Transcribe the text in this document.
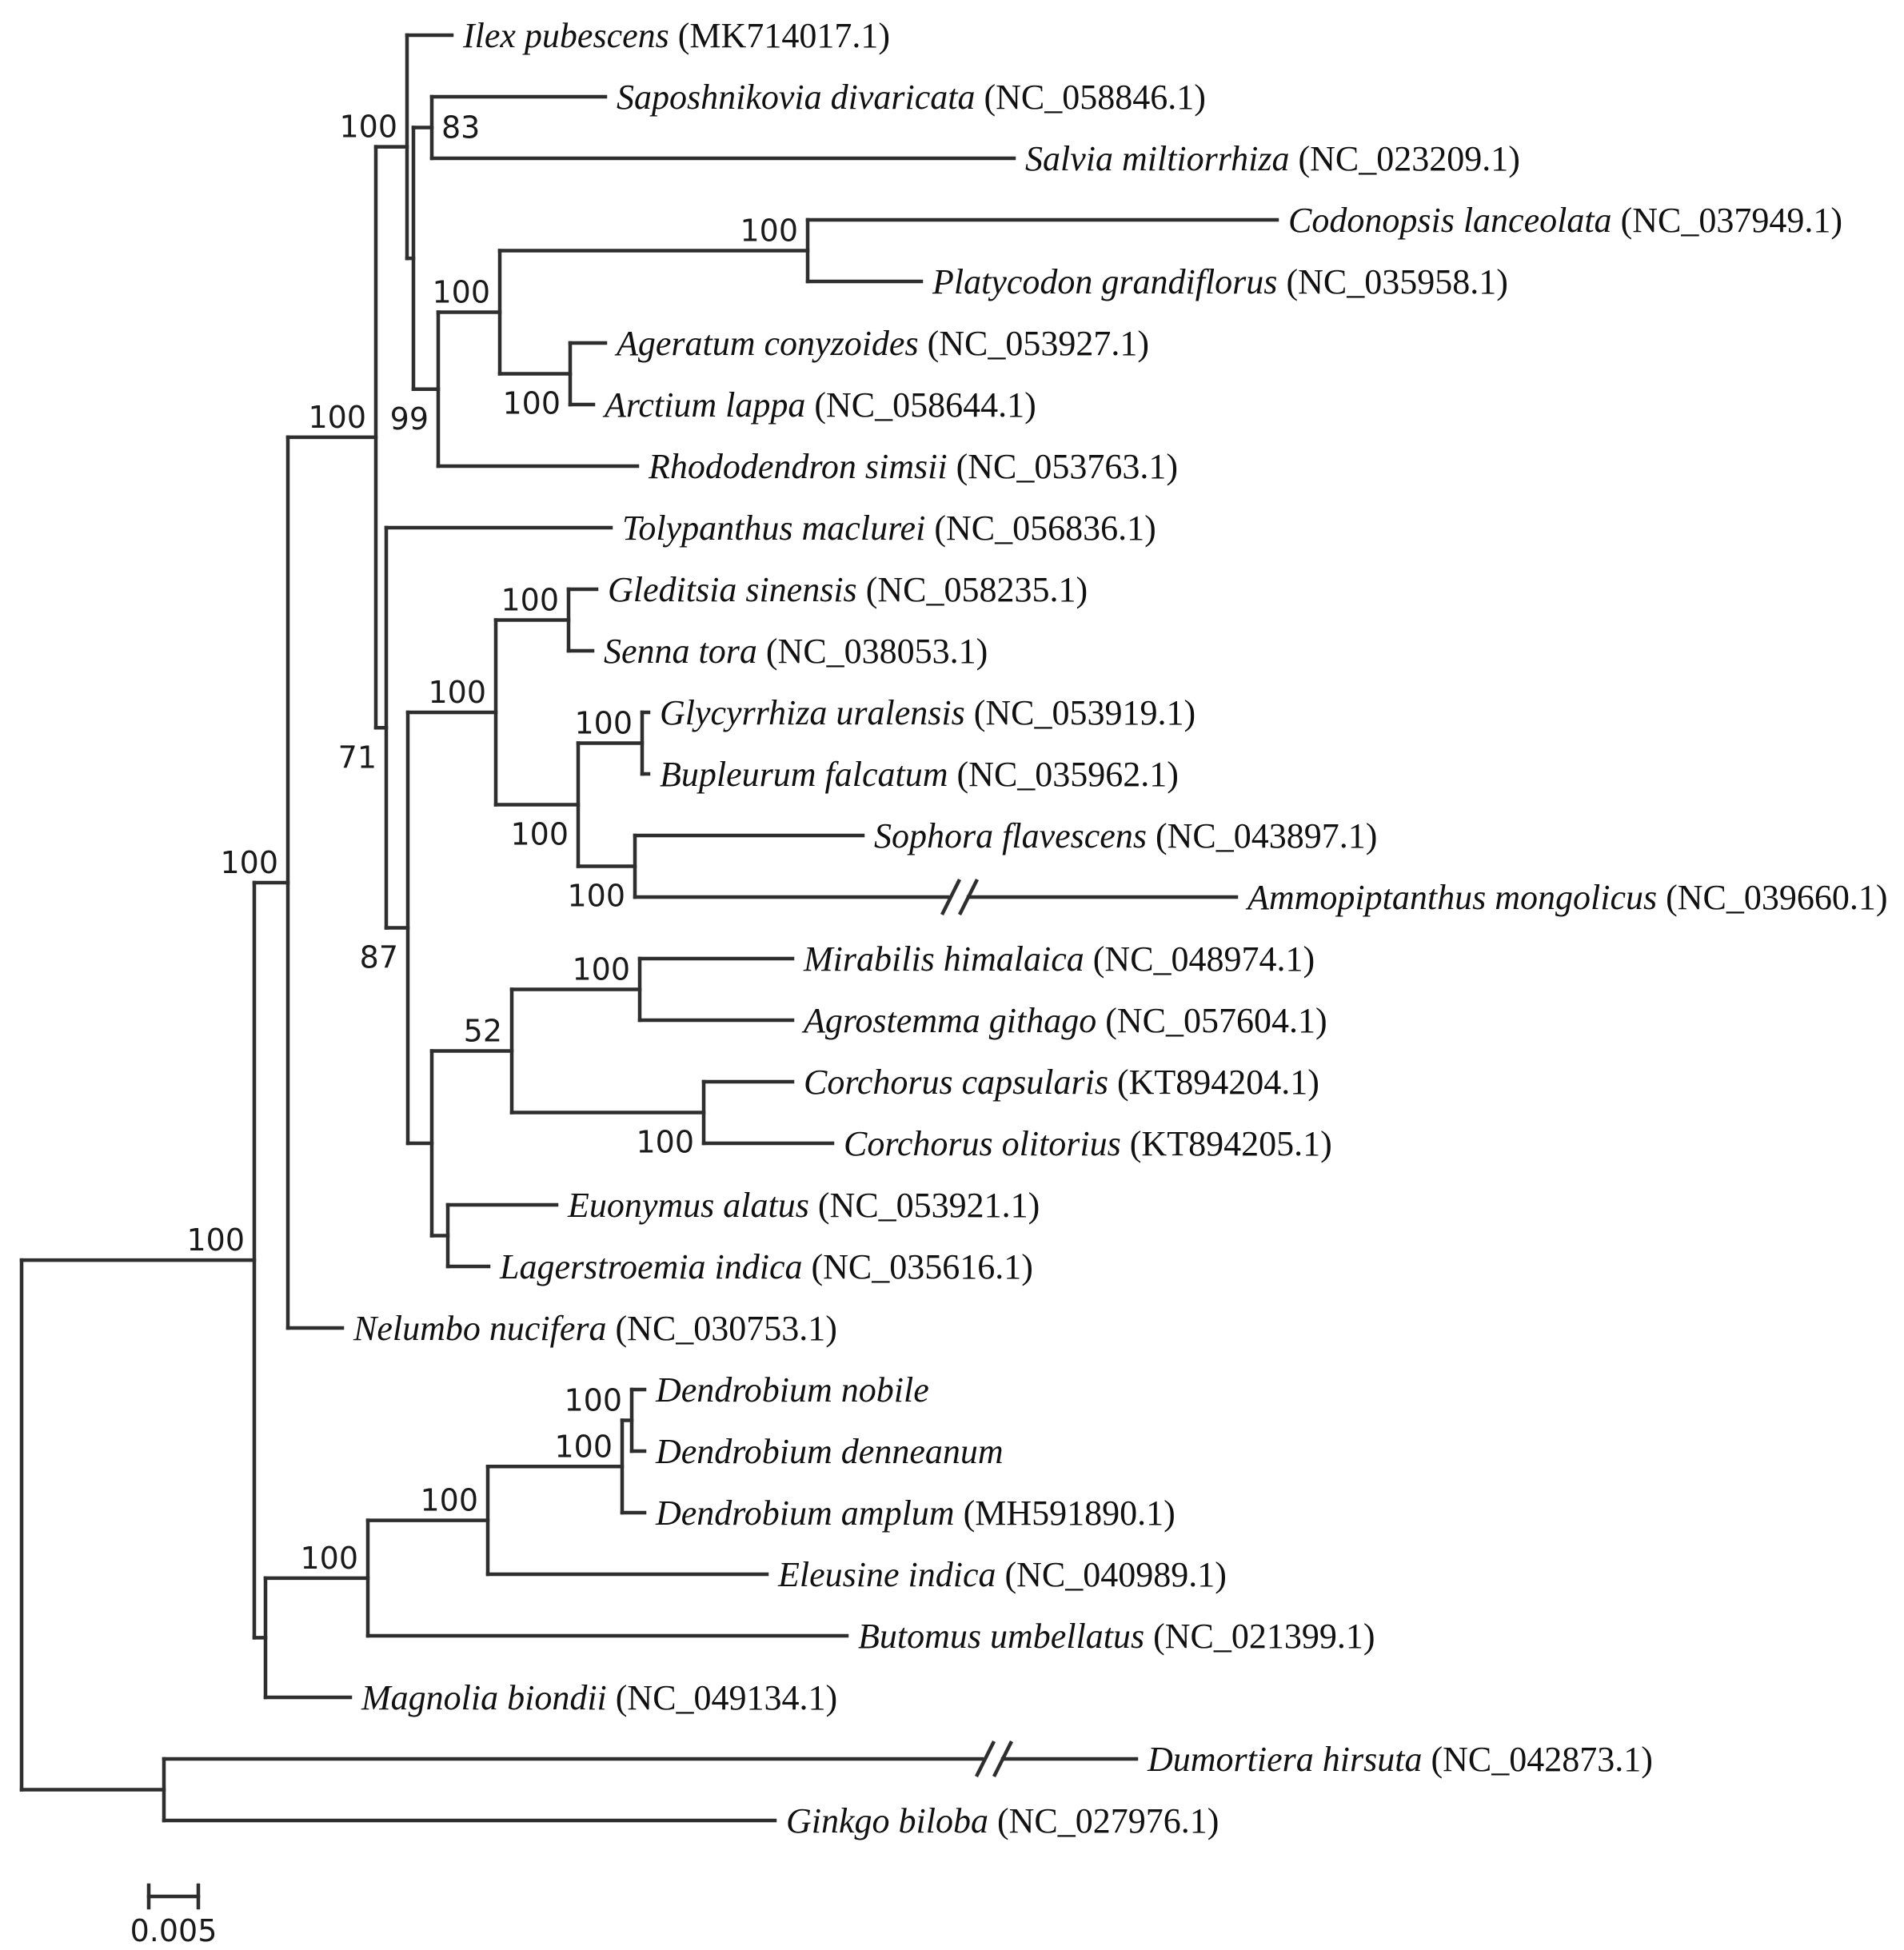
Ilex pubescens (MK714017.1)
Saposhnikovia divaricata (NC_058846.1)
Salvia miltiorrhiza (NC_023209.1)
83
Codonopsis lanceolata (NC_037949.1)
Platycodon grandiflorus (NC_035958.1)
100
Ageratum conyzoides (NC_053927.1)
Arctium lappa (NC_058644.1)
100
100
Rhododendron simsii (NC_053763.1)
99
100
Tolypanthus maclurei (NC_056836.1)
Gleditsia sinensis (NC_058235.1)
Senna tora (NC_038053.1)
100
Glycyrrhiza uralensis (NC_053919.1)
Bupleurum falcatum (NC_035962.1)
100
Sophora flavescens (NC_043897.1)
Ammopiptanthus mongolicus (NC_039660.1)
100
100
100
Mirabilis himalaica (NC_048974.1)
Agrostemma githago (NC_057604.1)
100
Corchorus capsularis (KT894204.1)
Corchorus olitorius (KT894205.1)
100
52
Euonymus alatus (NC_053921.1)
Lagerstroemia indica (NC_035616.1)
87
71
100
Nelumbo nucifera (NC_030753.1)
100
Dendrobium nobile
Dendrobium denneanum
100
Dendrobium amplum (MH591890.1)
100
Eleusine indica (NC_040989.1)
100
Butomus umbellatus (NC_021399.1)
100
Magnolia biondii (NC_049134.1)
100
Dumortiera hirsuta (NC_042873.1)
Ginkgo biloba (NC_027976.1)
0.005
